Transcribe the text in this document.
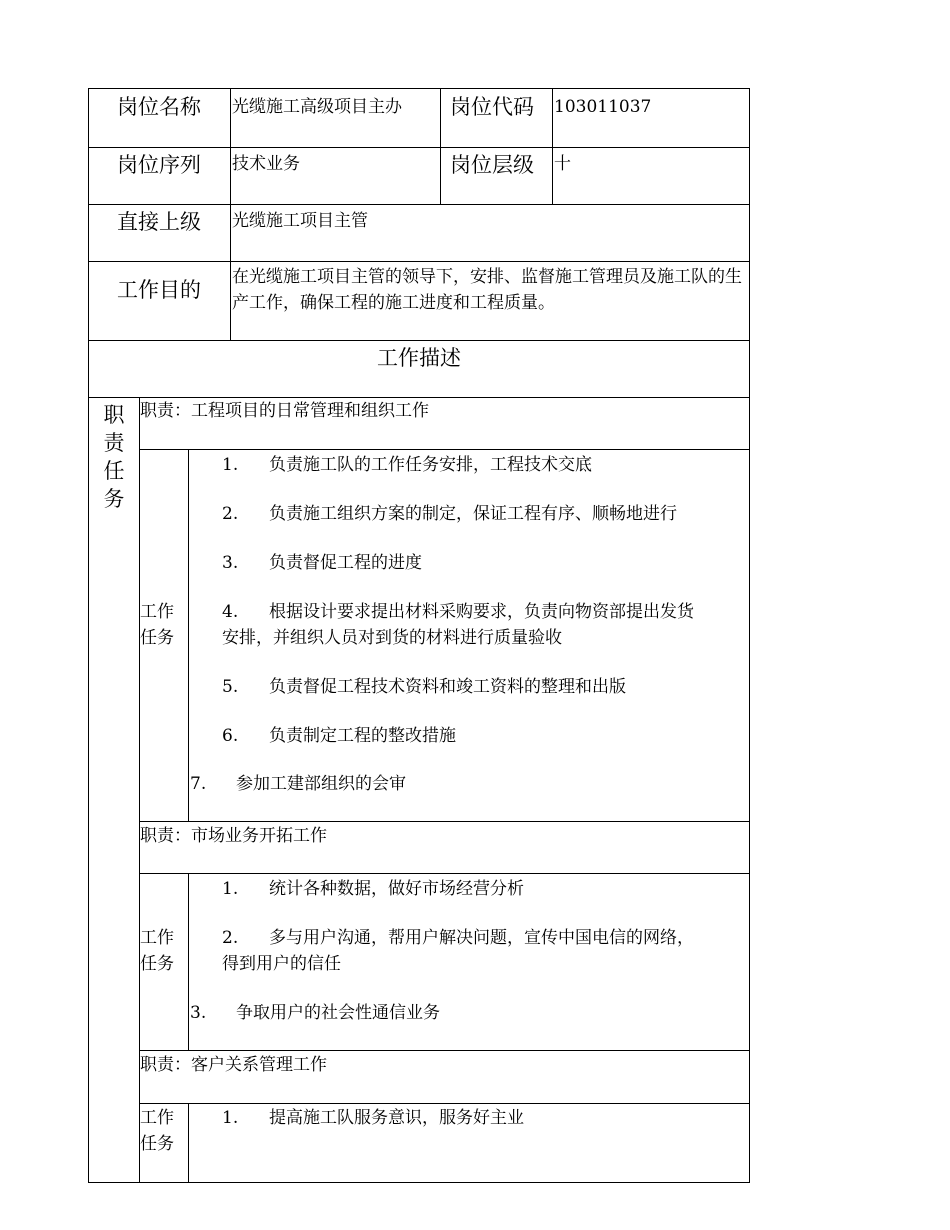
岗位名称 光缆施工高级项目主办 岗位代码 103011037
岗位序列 技术业务	岗位层级 十
直接上级 光缆施工项目主管
工作目的
在光缆施工项目主管的领导下，安排、监督施工管理员及施工队的生产工作，确保工程的施工进度和工程质量。
工作描述
职责任务
职责：工程项目的日常管理和组织工作
工作任务
1. 负责施工队的工作任务安排，工程技术交底
2. 负责施工组织方案的制定，保证工程有序、顺畅地进行
3. 负责督促工程的进度
4. 根据设计要求提出材料采购要求，负责向物资部提出发货
安排，并组织人员对到货的材料进行质量验收
5. 负责督促工程技术资料和竣工资料的整理和出版
6. 负责制定工程的整改措施
7. 参加工建部组织的会审
职责：市场业务开拓工作
工作任务
1. 统计各种数据，做好市场经营分析
2. 多与用户沟通，帮用户解决问题，宣传中国电信的网络，
得到用户的信任
3. 争取用户的社会性通信业务
职责：客户关系管理工作
工作任务
1. 提高施工队服务意识，服务好主业
